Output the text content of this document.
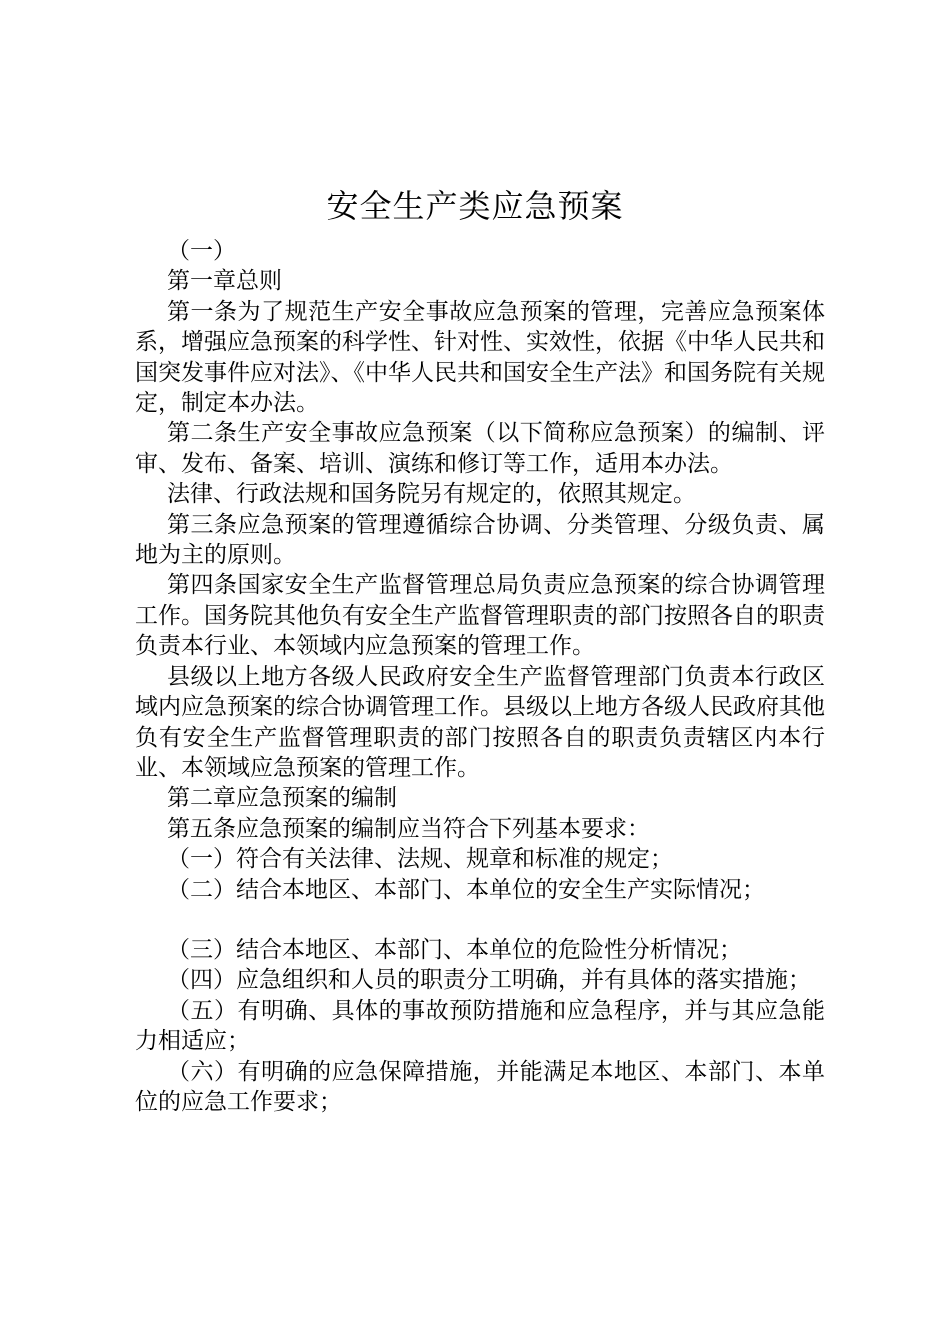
安全生产类应急预案

（一）

第一章总则

第一条为了规范生产安全事故应急预案的管理，完善应急预案体系，增强应急预案的科学性、针对性、实效性，依据《中华人民共和国突发事件应对法》、《中华人民共和国安全生产法》和国务院有关规定，制定本办法。

第二条生产安全事故应急预案（以下简称应急预案）的编制、评审、发布、备案、培训、演练和修订等工作，适用本办法。

法律、行政法规和国务院另有规定的，依照其规定。

第三条应急预案的管理遵循综合协调、分类管理、分级负责、属地为主的原则。

第四条国家安全生产监督管理总局负责应急预案的综合协调管理工作。国务院其他负有安全生产监督管理职责的部门按照各自的职责负责本行业、本领域内应急预案的管理工作。

县级以上地方各级人民政府安全生产监督管理部门负责本行政区域内应急预案的综合协调管理工作。县级以上地方各级人民政府其他负有安全生产监督管理职责的部门按照各自的职责负责辖区内本行业、本领域应急预案的管理工作。

第二章应急预案的编制

第五条应急预案的编制应当符合下列基本要求：

（一）符合有关法律、法规、规章和标准的规定；

（二）结合本地区、本部门、本单位的安全生产实际情况；

（三）结合本地区、本部门、本单位的危险性分析情况；

（四）应急组织和人员的职责分工明确，并有具体的落实措施；

（五）有明确、具体的事故预防措施和应急程序，并与其应急能力相适应；

（六）有明确的应急保障措施，并能满足本地区、本部门、本单位的应急工作要求；
